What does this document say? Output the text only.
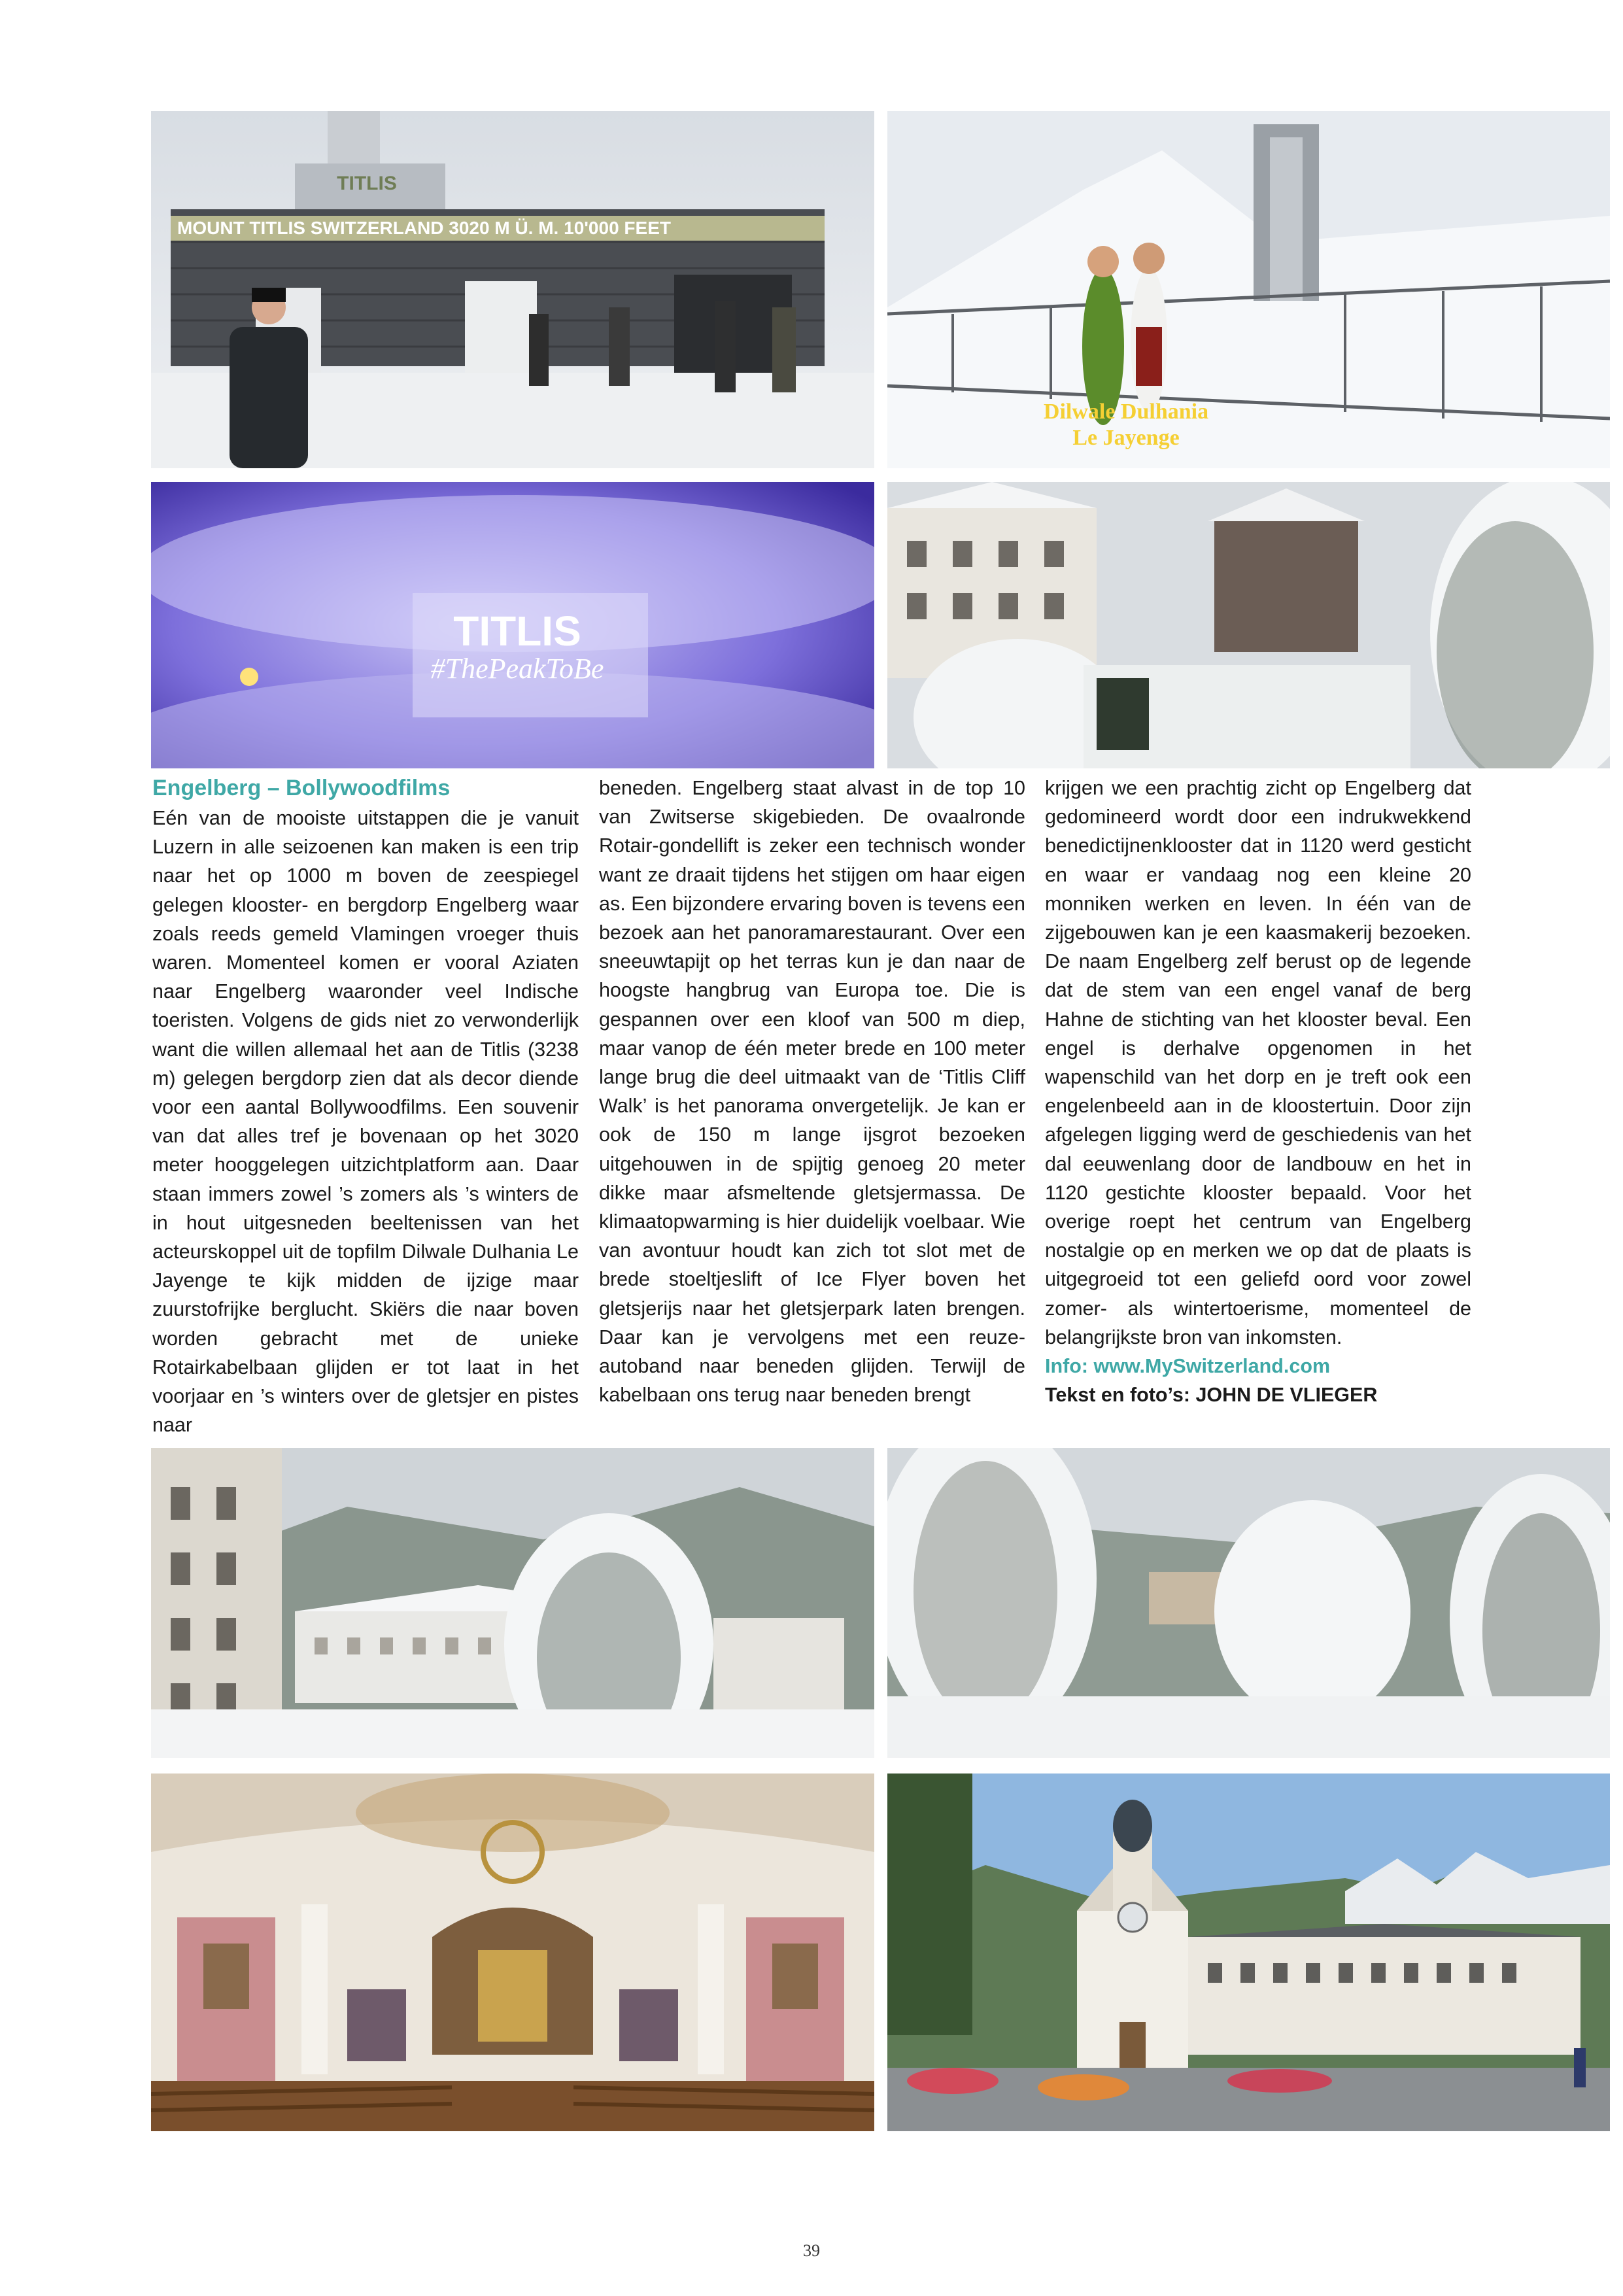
TITLIS
MOUNT TITLIS SWITZERLAND 3020 M Ü. M. 10'000 FEET
Dilwale Dulhania
Le Jayenge
TITLIS
#ThePeakToBe

Engelberg – Bollywoodfilms

Eén van de mooiste uitstappen die je vanuit Luzern in alle seizoenen kan maken is een trip naar het op 1000 m boven de zeespiegel gelegen klooster- en bergdorp Engelberg waar zoals reeds gemeld Vlamingen vroeger thuis waren. Momenteel komen er vooral Aziaten naar Engelberg waaronder veel Indische toeristen. Volgens de gids niet zo verwonderlijk want die willen allemaal het aan de Titlis (3238 m) gelegen bergdorp zien dat als decor diende voor een aantal Bollywoodfilms. Een souvenir van dat alles tref je bovenaan op het 3020 meter hooggelegen uitzichtplatform aan. Daar staan immers zowel ’s zomers als ’s winters de in hout uitgesneden beeltenissen van het acteurskoppel uit de topfilm Dilwale Dulhania Le Jayenge te kijk midden de ijzige maar zuurstofrijke berglucht. Skiërs die naar boven worden gebracht met de unieke Rotairkabelbaan glijden er tot laat in het voorjaar en ’s winters over de gletsjer en pistes naar

beneden. Engelberg staat alvast in de top 10 van Zwitserse skigebieden. De ovaalronde Rotair-gondellift is zeker een technisch wonder want ze draait tijdens het stijgen om haar eigen as. Een bijzondere ervaring boven is tevens een bezoek aan het panoramarestaurant. Over een sneeuwtapijt op het terras kun je dan naar de hoogste hangbrug van Europa toe. Die is gespannen over een kloof van 500 m diep, maar vanop de één meter brede en 100 meter lange brug die deel uitmaakt van de ‘Titlis Cliff Walk’ is het panorama onvergetelijk. Je kan er ook de 150 m lange ijsgrot bezoeken uitgehouwen in de spijtig genoeg 20 meter dikke maar afsmeltende gletsjermassa. De klimaatopwarming is hier duidelijk voelbaar. Wie van avontuur houdt kan zich tot slot met de brede stoeltjeslift of Ice Flyer boven het gletsjerijs naar het gletsjerpark laten brengen. Daar kan je vervolgens met een reuze-autoband naar beneden glijden. Terwijl de kabelbaan ons terug naar beneden brengt

krijgen we een prachtig zicht op Engelberg dat gedomineerd wordt door een indrukwekkend benedictijnenklooster dat in 1120 werd gesticht en waar er vandaag nog een kleine 20 monniken werken en leven. In één van de zijgebouwen kan je een kaasmakerij bezoeken. De naam Engelberg zelf berust op de legende dat de stem van een engel vanaf de berg Hahne de stichting van het klooster beval. Een engel is derhalve opgenomen in het wapenschild van het dorp en je treft ook een engelenbeeld aan in de kloostertuin. Door zijn afgelegen ligging werd de geschiedenis van het dal eeuwenlang door de landbouw en het in 1120 gestichte klooster bepaald. Voor het overige roept het centrum van Engelberg nostalgie op en merken we op dat de plaats is uitgegroeid tot een geliefd oord voor zowel zomer- als wintertoerisme, momenteel de belangrijkste bron van inkomsten.

Info: www.MySwitzerland.com

Tekst en foto’s: JOHN DE VLIEGER

39
